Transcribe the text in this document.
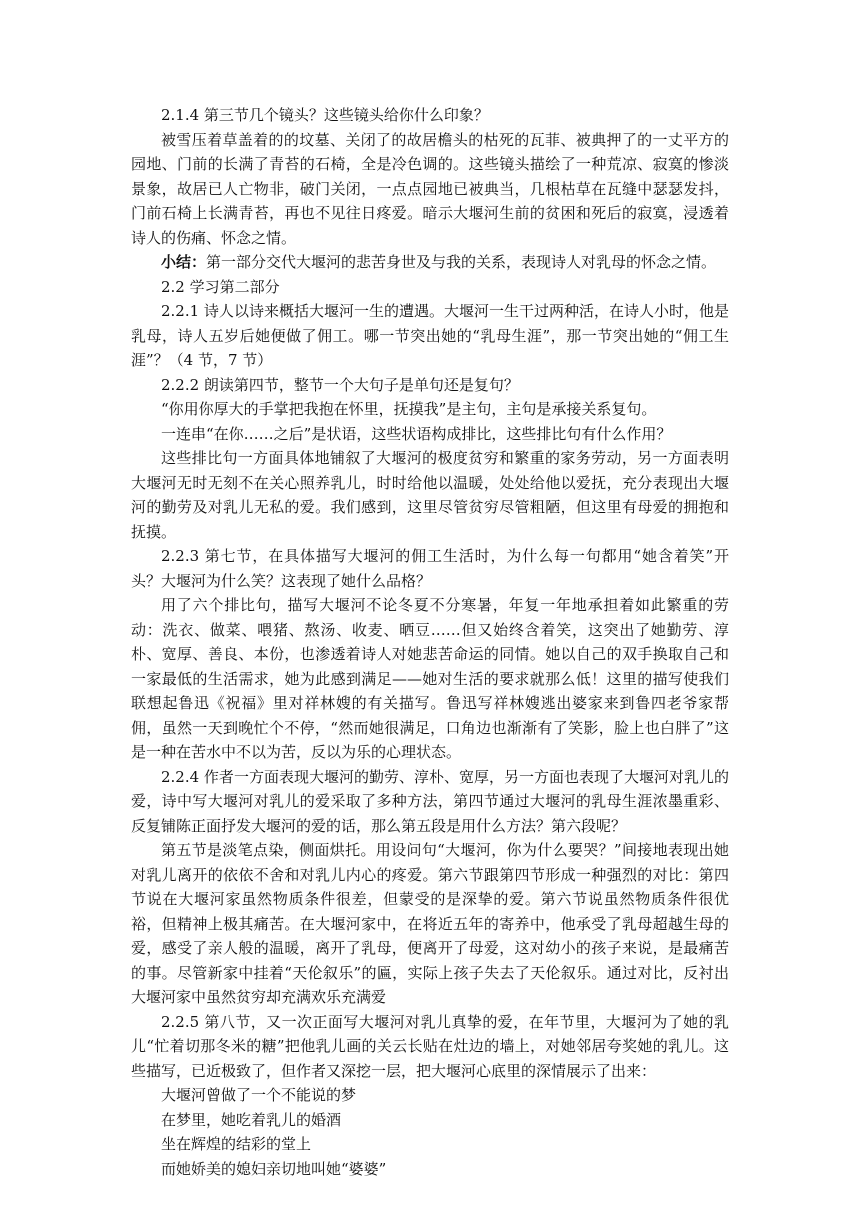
2.1.4 第三节几个镜头？这些镜头给你什么印象？

被雪压着草盖着的的坟墓、关闭了的故居檐头的枯死的瓦菲、被典押了的一丈平方的园地、门前的长满了青苔的石椅，全是冷色调的。这些镜头描绘了一种荒凉、寂寞的惨淡景象，故居已人亡物非，破门关闭，一点点园地已被典当，几根枯草在瓦缝中瑟瑟发抖，门前石椅上长满青苔，再也不见往日疼爱。暗示大堰河生前的贫困和死后的寂寞，浸透着诗人的伤痛、怀念之情。

小结：第一部分交代大堰河的悲苦身世及与我的关系，表现诗人对乳母的怀念之情。

2.2 学习第二部分

2.2.1 诗人以诗来概括大堰河一生的遭遇。大堰河一生干过两种活，在诗人小时，他是乳母，诗人五岁后她便做了佣工。哪一节突出她的“乳母生涯”，那一节突出她的“佣工生涯”？（4 节，7 节）

2.2.2 朗读第四节，整节一个大句子是单句还是复句？

“你用你厚大的手掌把我抱在怀里，抚摸我”是主句，主句是承接关系复句。

一连串“在你……之后”是状语，这些状语构成排比，这些排比句有什么作用？

这些排比句一方面具体地铺叙了大堰河的极度贫穷和繁重的家务劳动，另一方面表明大堰河无时无刻不在关心照养乳儿，时时给他以温暖，处处给他以爱抚，充分表现出大堰河的勤劳及对乳儿无私的爱。我们感到，这里尽管贫穷尽管粗陋，但这里有母爱的拥抱和抚摸。

2.2.3 第七节，在具体描写大堰河的佣工生活时，为什么每一句都用“她含着笑”开头？大堰河为什么笑？这表现了她什么品格？

用了六个排比句，描写大堰河不论冬夏不分寒暑，年复一年地承担着如此繁重的劳动：洗衣、做菜、喂猪、熬汤、收麦、晒豆……但又始终含着笑，这突出了她勤劳、淳朴、宽厚、善良、本份，也渗透着诗人对她悲苦命运的同情。她以自己的双手换取自己和一家最低的生活需求，她为此感到满足——她对生活的要求就那么低！这里的描写使我们联想起鲁迅《祝福》里对祥林嫂的有关描写。鲁迅写祥林嫂逃出婆家来到鲁四老爷家帮佣，虽然一天到晚忙个不停，“然而她很满足，口角边也渐渐有了笑影，脸上也白胖了”这是一种在苦水中不以为苦，反以为乐的心理状态。

2.2.4 作者一方面表现大堰河的勤劳、淳朴、宽厚，另一方面也表现了大堰河对乳儿的爱，诗中写大堰河对乳儿的爱采取了多种方法，第四节通过大堰河的乳母生涯浓墨重彩、反复铺陈正面抒发大堰河的爱的话，那么第五段是用什么方法？第六段呢？

第五节是淡笔点染，侧面烘托。用设问句“大堰河，你为什么要哭？”间接地表现出她对乳儿离开的依依不舍和对乳儿内心的疼爱。第六节跟第四节形成一种强烈的对比：第四节说在大堰河家虽然物质条件很差，但蒙受的是深挚的爱。第六节说虽然物质条件很优裕，但精神上极其痛苦。在大堰河家中，在将近五年的寄养中，他承受了乳母超越生母的爱，感受了亲人般的温暖，离开了乳母，便离开了母爱，这对幼小的孩子来说，是最痛苦的事。尽管新家中挂着“天伦叙乐”的匾，实际上孩子失去了天伦叙乐。通过对比，反衬出大堰河家中虽然贫穷却充满欢乐充满爱

2.2.5 第八节，又一次正面写大堰河对乳儿真挚的爱，在年节里，大堰河为了她的乳儿“忙着切那冬米的糖”把他乳儿画的关云长贴在灶边的墙上，对她邻居夸奖她的乳儿。这些描写，已近极致了，但作者又深挖一层，把大堰河心底里的深情展示了出来：

大堰河曾做了一个不能说的梦

在梦里，她吃着乳儿的婚酒

坐在辉煌的结彩的堂上

而她娇美的媳妇亲切地叫她“婆婆”
